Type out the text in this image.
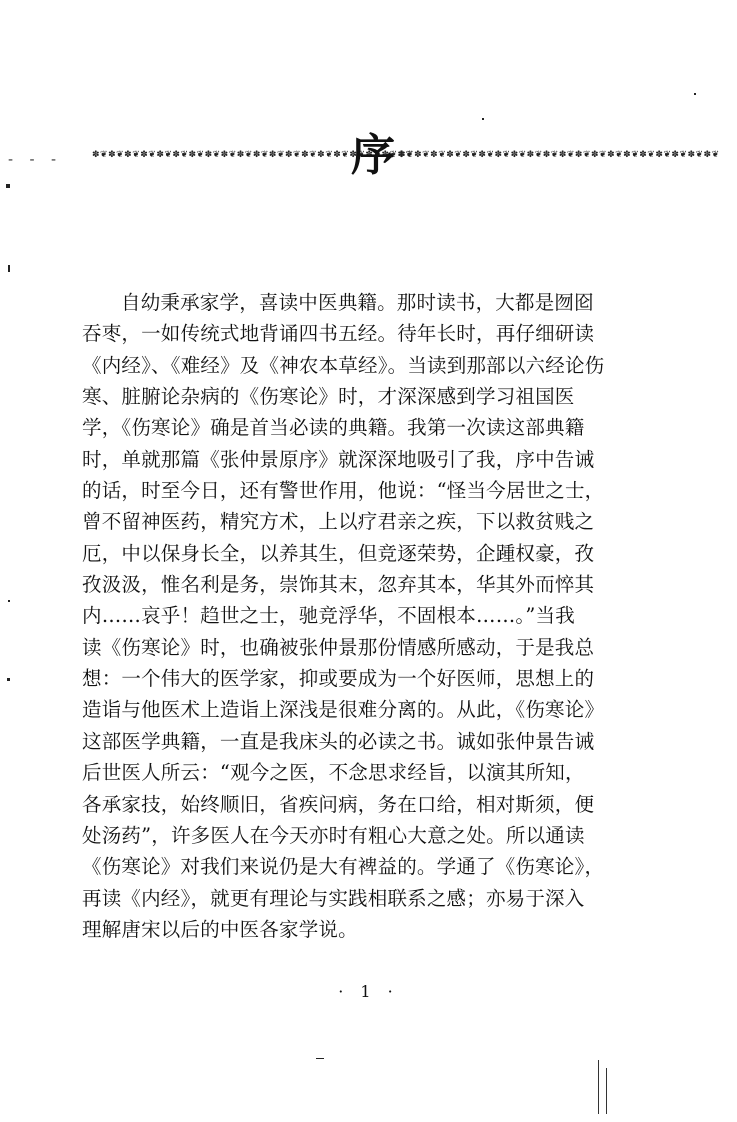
- - -	✽❦✽❦✽❦✽❦✽❦✽❦✽❦✽❦✽❦✽❦✽❦✽❦✽❦✽❦✽❦✽❦✽❦✽❦✽❦✽❦
序 ✽❦✽❦✽❦✽❦✽❦✽❦✽❦✽❦✽❦✽❦✽❦✽❦✽❦✽❦✽❦✽❦✽❦✽❦✽❦✽❦
自幼秉承家学，喜读中医典籍。那时读书，大都是囫囵
吞枣，一如传统式地背诵四书五经。待年长时，再仔细研读
《内经》、《难经》及《神农本草经》。当读到那部以六经论伤
寒、脏腑论杂病的《伤寒论》时，才深深感到学习祖国医
学，《伤寒论》确是首当必读的典籍。我第一次读这部典籍
时，单就那篇《张仲景原序》就深深地吸引了我，序中告诫
的话，时至今日，还有警世作用，他说：“怪当今居世之士，
曾不留神医药，精究方术，上以疗君亲之疾，下以救贫贱之
厄，中以保身长全，以养其生，但竞逐荣势，企踵权豪，孜
孜汲汲，惟名利是务，崇饰其末，忽弃其本，华其外而悴其
内……哀乎！趋世之士，驰竞浮华，不固根本……。”当我
读《伤寒论》时，也确被张仲景那份情感所感动，于是我总
想：一个伟大的医学家，抑或要成为一个好医师，思想上的
造诣与他医术上造诣上深浅是很难分离的。从此，《伤寒论》
这部医学典籍，一直是我床头的必读之书。诚如张仲景告诫
后世医人所云：“观今之医，不念思求经旨，以演其所知，
各承家技，始终顺旧，省疾问病，务在口给，相对斯须，便
处汤药”，许多医人在今天亦时有粗心大意之处。所以通读
《伤寒论》对我们来说仍是大有裨益的。学通了《伤寒论》，
再读《内经》，就更有理论与实践相联系之感；亦易于深入
理解唐宋以后的中医各家学说。
· 1 ·
